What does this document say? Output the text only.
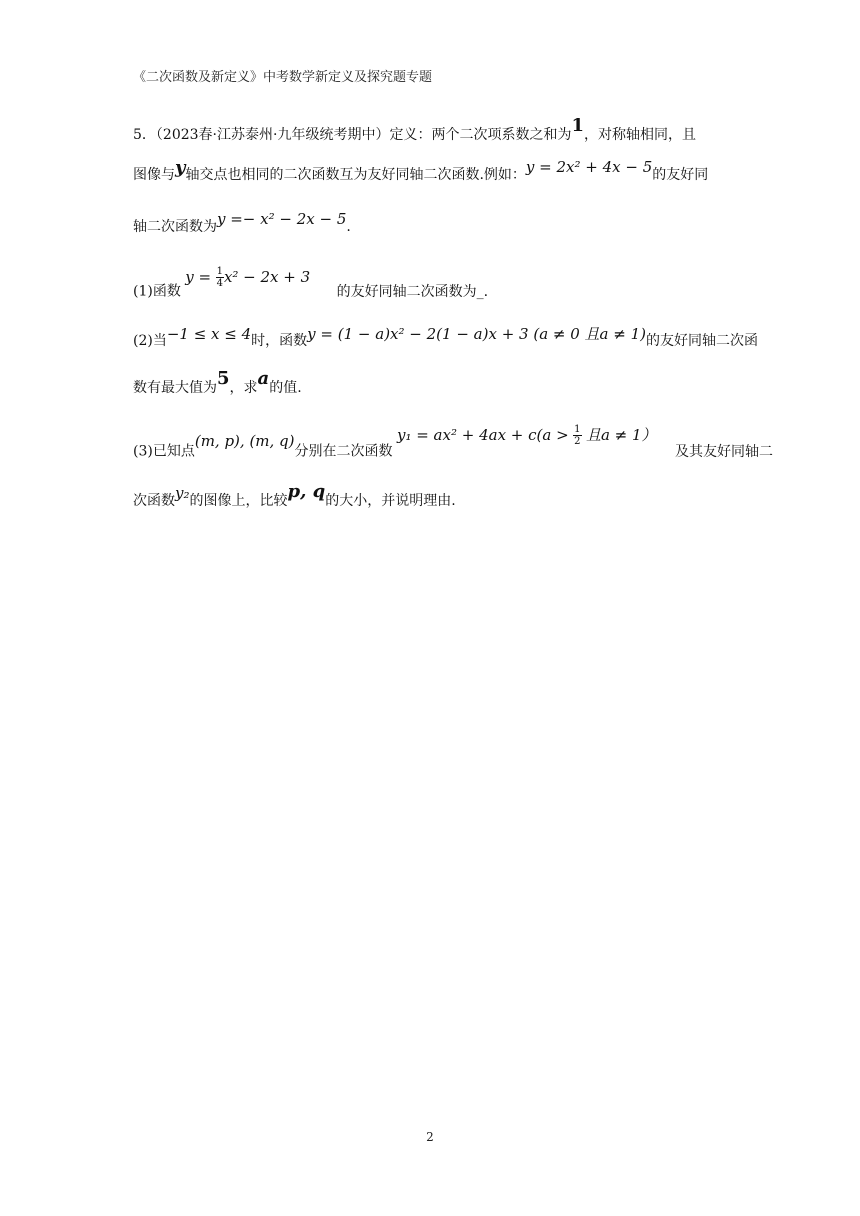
《二次函数及新定义》中考数学新定义及探究题专题
5．（2023春·江苏泰州·九年级统考期中）定义：两个二次项系数之和为1，对称轴相同，且
图像与y轴交点也相同的二次函数互为友好同轴二次函数.例如：y = 2x² + 4x − 5的友好同
轴二次函数为y =− x² − 2x − 5.
(1)函数 $y = \frac{1}{4} x^2 - 2x + 3$ 的友好同轴二次函数为_.
(2)当−1 ≤ x ≤ 4时，函数y = (1 − a)x² − 2(1 − a)x + 3 (a ≠ 0 且a ≠ 1)的友好同轴二次函
数有最大值为5，求a的值.
(3)已知点(m, p), (m, q)分别在二次函数 $y_1 = ax^2 + 4ax + c(a > \frac{1}{2}$ 且a ≠ 1） 及其友好同轴二
次函数y₂的图像上，比较p, q的大小，并说明理由.
2
